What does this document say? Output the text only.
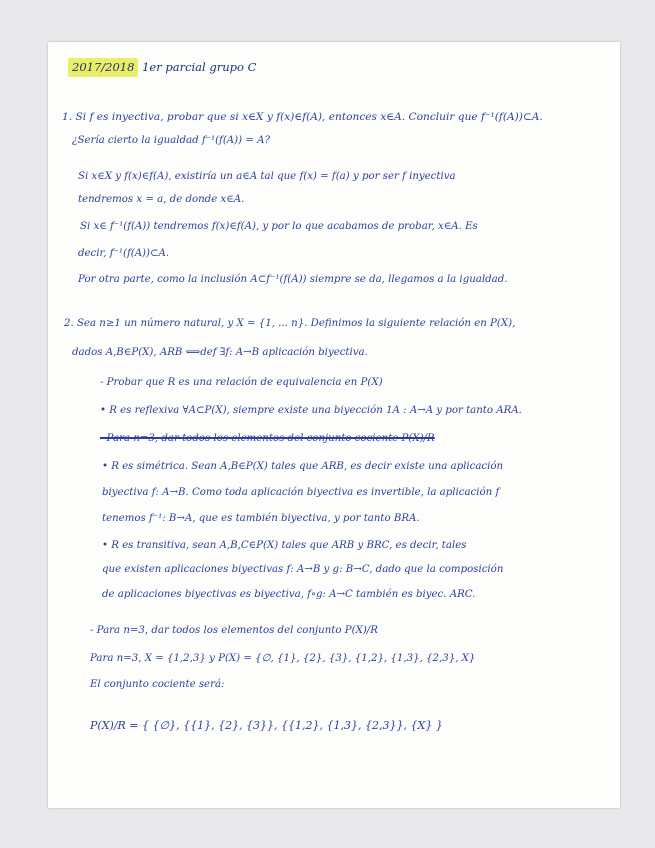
2017/2018 1er parcial grupo C
1. Si f es inyectiva, probar que si x∈X y f(x)∈f(A), entonces x∈A. Concluir que f⁻¹(f(A))⊂A.
¿Sería cierto la igualdad f⁻¹(f(A)) = A?
Si x∈X y f(x)∈f(A), existiría un a∈A tal que f(x) = f(a) y por ser f inyectiva
tendremos x = a, de donde x∈A.
Si x∈ f⁻¹(f(A)) tendremos f(x)∈f(A), y por lo que acabamos de probar, x∈A. Es
decir, f⁻¹(f(A))⊂A.
Por otra parte, como la inclusión A⊂f⁻¹(f(A)) siempre se da, llegamos a la igualdad.
2. Sea n≥1 un número natural, y X = {1, ... n}. Definimos la siguiente relación en P(X),
dados A,B∈P(X), ARB ⟺def ∃f: A→B aplicación biyectiva.
- Probar que R es una relación de equivalencia en P(X)
• R es reflexiva ∀A⊂P(X), siempre existe una biyección 1A : A→A y por tanto ARA.
- Para n=3, dar todos los elementos del conjunto cociente P(X)/R
• R es simétrica. Sean A,B∈P(X) tales que ARB, es decir existe una aplicación
biyectiva f: A→B. Como toda aplicación biyectiva es invertible, la aplicación f
tenemos f⁻¹: B→A, que es también biyectiva, y por tanto BRA.
• R es transitiva, sean A,B,C∈P(X) tales que ARB y BRC, es decir, tales
que existen aplicaciones biyectivas f: A→B y g: B→C, dado que la composición
de aplicaciones biyectivas es biyectiva, f∘g: A→C también es biyec. ARC.
- Para n=3, dar todos los elementos del conjunto P(X)/R
Para n=3, X = {1,2,3} y P(X) = {∅, {1}, {2}, {3}, {1,2}, {1,3}, {2,3}, X}
El conjunto cociente será:
P(X)/R = { {∅}, {{1}, {2}, {3}}, {{1,2}, {1,3}, {2,3}}, {X} }
